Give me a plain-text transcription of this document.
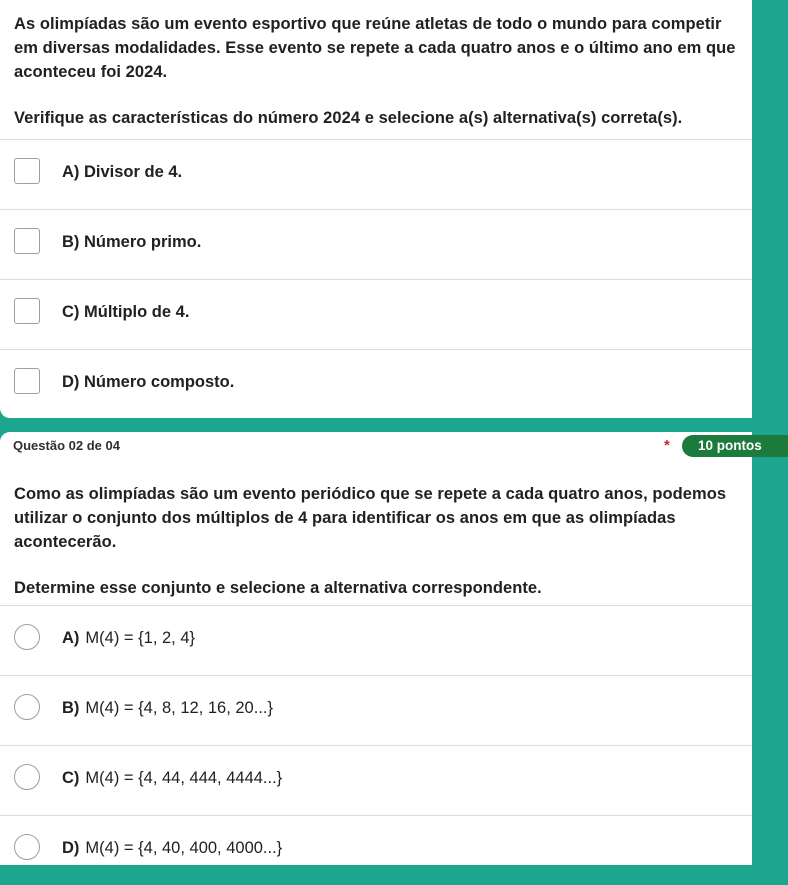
As olimpíadas são um evento esportivo que reúne atletas de todo o mundo para competir em diversas modalidades. Esse evento se repete a cada quatro anos e o último ano em que aconteceu foi 2024.

Verifique as características do número 2024 e selecione a(s) alternativa(s) correta(s).

A) Divisor de 4.
B) Número primo.
C) Múltiplo de 4.
D) Número composto.
Questão 02 de 04	*	10 pontos

Como as olimpíadas são um evento periódico que se repete a cada quatro anos, podemos utilizar o conjunto dos múltiplos de 4 para identificar os anos em que as olimpíadas acontecerão.

Determine esse conjunto e selecione a alternativa correspondente.

A) M(4) = {1, 2, 4}
B) M(4) = {4, 8, 12, 16, 20...}
C) M(4) = {4, 44, 444, 4444...}
D) M(4) = {4, 40, 400, 4000...}
